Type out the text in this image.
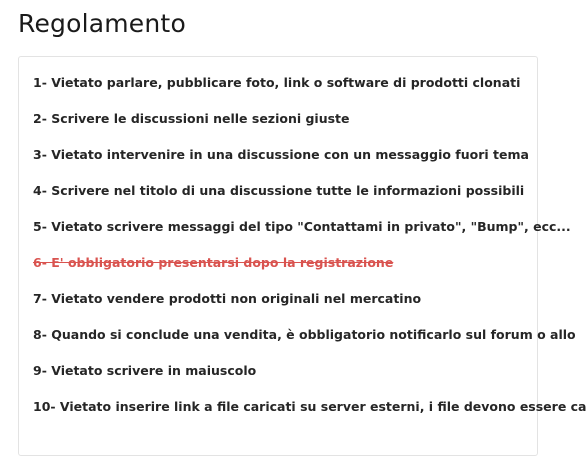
Regolamento
1- Vietato parlare, pubblicare foto, link o software di prodotti clonati
2- Scrivere le discussioni nelle sezioni giuste
3- Vietato intervenire in una discussione con un messaggio fuori tema
4- Scrivere nel titolo di una discussione tutte le informazioni possibili
5- Vietato scrivere messaggi del tipo "Contattami in privato", "Bump", ecc...
6- E' obbligatorio presentarsi dopo la registrazione
7- Vietato vendere prodotti non originali nel mercatino
8- Quando si conclude una vendita, è obbligatorio notificarlo sul forum o allo
9- Vietato scrivere in maiuscolo
10- Vietato inserire link a file caricati su server esterni, i file devono essere ca
